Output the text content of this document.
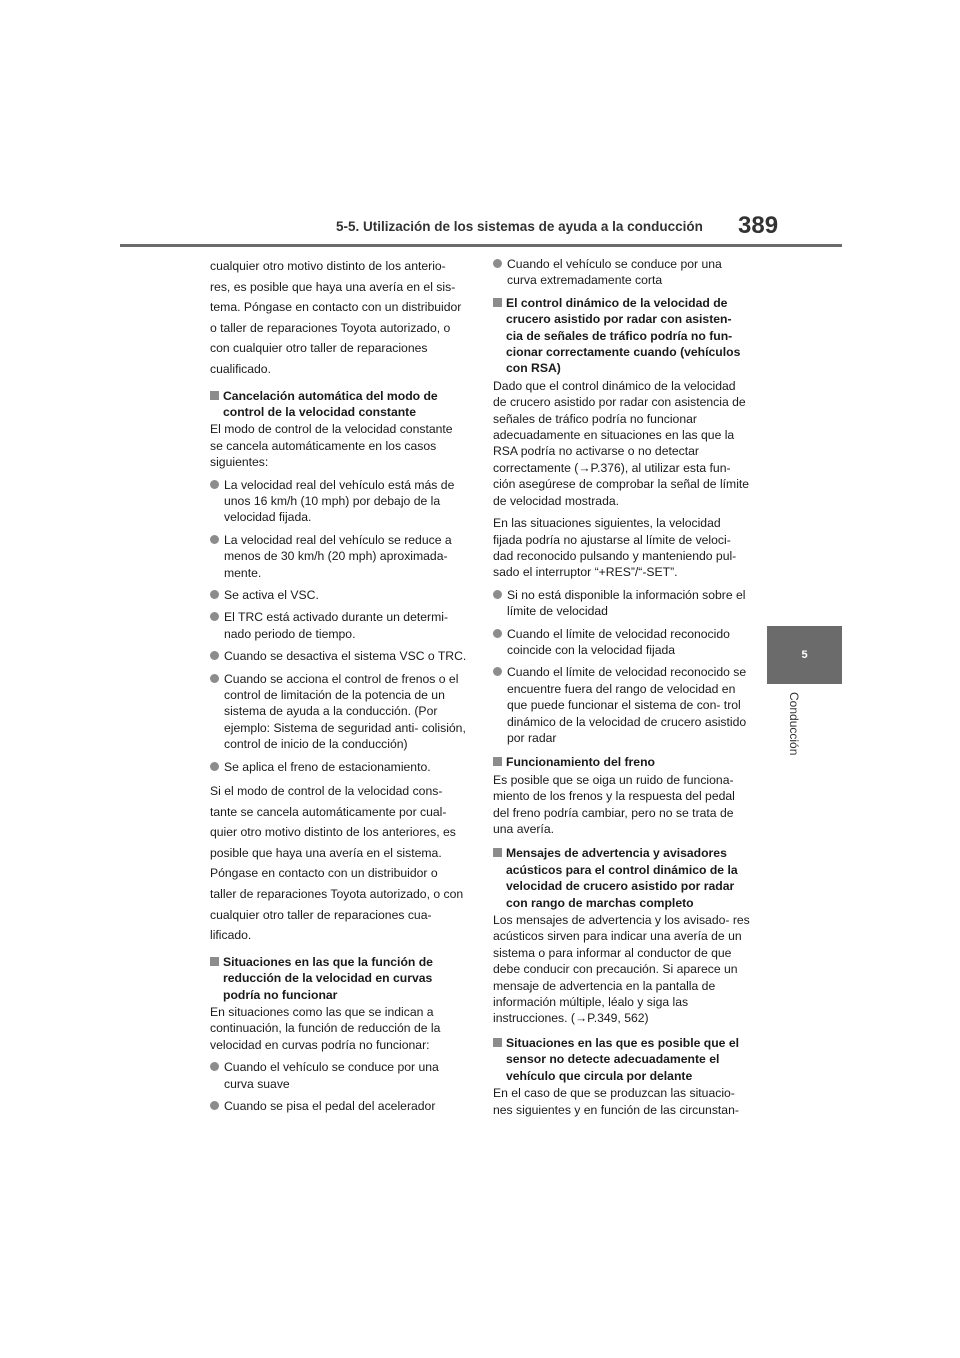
5-5. Utilización de los sistemas de ayuda a la conducción 389
5
Conducción

cualquier otro motivo distinto de los anterio- res, es posible que haya una avería en el sis- tema. Póngase en contacto con un distribuidor o taller de reparaciones Toyota autorizado, o con cualquier otro taller de reparaciones cualificado.

Cancelación automática del modo de control de la velocidad constante

El modo de control de la velocidad constante se cancela automáticamente en los casos siguientes:

La velocidad real del vehículo está más de unos 16 km/h (10 mph) por debajo de la velocidad fijada.
La velocidad real del vehículo se reduce a menos de 30 km/h (20 mph) aproximada- mente.
Se activa el VSC.
El TRC está activado durante un determi- nado periodo de tiempo.
Cuando se desactiva el sistema VSC o TRC.
Cuando se acciona el control de frenos o el control de limitación de la potencia de un sistema de ayuda a la conducción. (Por ejemplo: Sistema de seguridad anti- colisión, control de inicio de la conducción)
Se aplica el freno de estacionamiento.

Si el modo de control de la velocidad cons- tante se cancela automáticamente por cual- quier otro motivo distinto de los anteriores, es posible que haya una avería en el sistema. Póngase en contacto con un distribuidor o taller de reparaciones Toyota autorizado, o con cualquier otro taller de reparaciones cua- lificado.

Situaciones en las que la función de reducción de la velocidad en curvas podría no funcionar

En situaciones como las que se indican a continuación, la función de reducción de la velocidad en curvas podría no funcionar:

Cuando el vehículo se conduce por una curva suave
Cuando se pisa el pedal del acelerador
Cuando el vehículo se conduce por una curva extremadamente corta
El control dinámico de la velocidad de crucero asistido por radar con asisten- cia de señales de tráfico podría no fun- cionar correctamente cuando (vehículos con RSA)

Dado que el control dinámico de la velocidad de crucero asistido por radar con asistencia de señales de tráfico podría no funcionar adecuadamente en situaciones en las que la RSA podría no activarse o no detectar correctamente (→P.376), al utilizar esta fun- ción asegúrese de comprobar la señal de límite de velocidad mostrada.

En las situaciones siguientes, la velocidad fijada podría no ajustarse al límite de veloci- dad reconocido pulsando y manteniendo pul- sado el interruptor “+RES”/“-SET”.

Si no está disponible la información sobre el límite de velocidad
Cuando el límite de velocidad reconocido coincide con la velocidad fijada
Cuando el límite de velocidad reconocido se encuentre fuera del rango de velocidad en que puede funcionar el sistema de con- trol dinámico de la velocidad de crucero asistido por radar
Funcionamiento del freno

Es posible que se oiga un ruido de funciona- miento de los frenos y la respuesta del pedal del freno podría cambiar, pero no se trata de una avería.

Mensajes de advertencia y avisadores acústicos para el control dinámico de la velocidad de crucero asistido por radar con rango de marchas completo

Los mensajes de advertencia y los avisado- res acústicos sirven para indicar una avería de un sistema o para informar al conductor de que debe conducir con precaución. Si aparece un mensaje de advertencia en la pantalla de información múltiple, léalo y siga las instrucciones. (→P.349, 562)

Situaciones en las que es posible que el sensor no detecte adecuadamente el vehículo que circula por delante

En el caso de que se produzcan las situacio- nes siguientes y en función de las circunstan-
